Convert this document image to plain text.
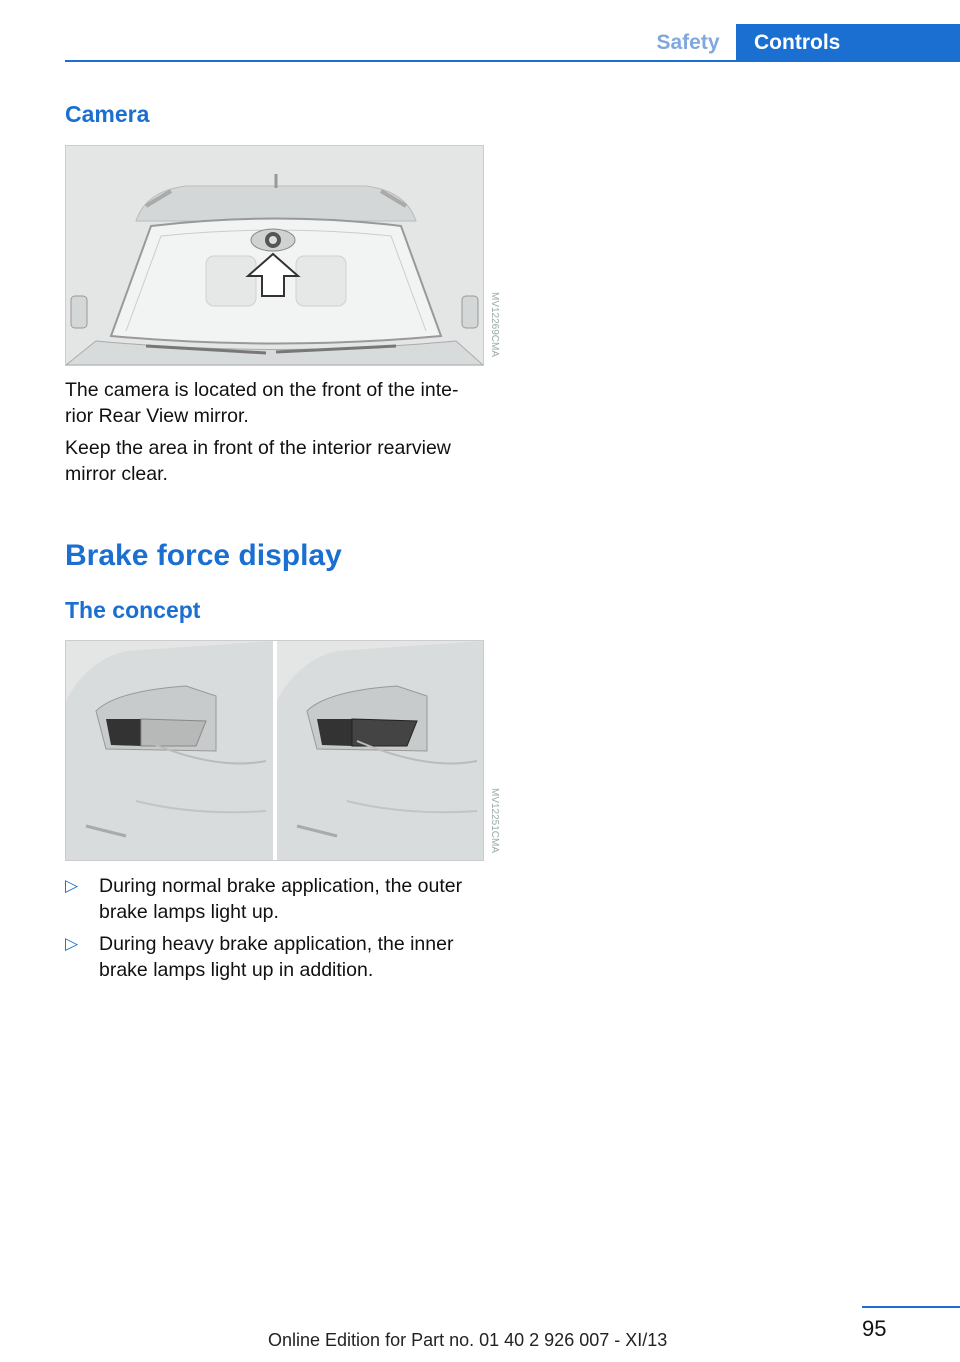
Safety	Controls
Camera
MV12269CMA

The camera is located on the front of the inte-rior Rear View mirror.

Keep the area in front of the interior rearview mirror clear.

Brake force display
The concept
MV12251CMA
▷ During normal brake application, the outer brake lamps light up.
▷ During heavy brake application, the inner brake lamps light up in addition.
95
Online Edition for Part no. 01 40 2 926 007 - XI/13
